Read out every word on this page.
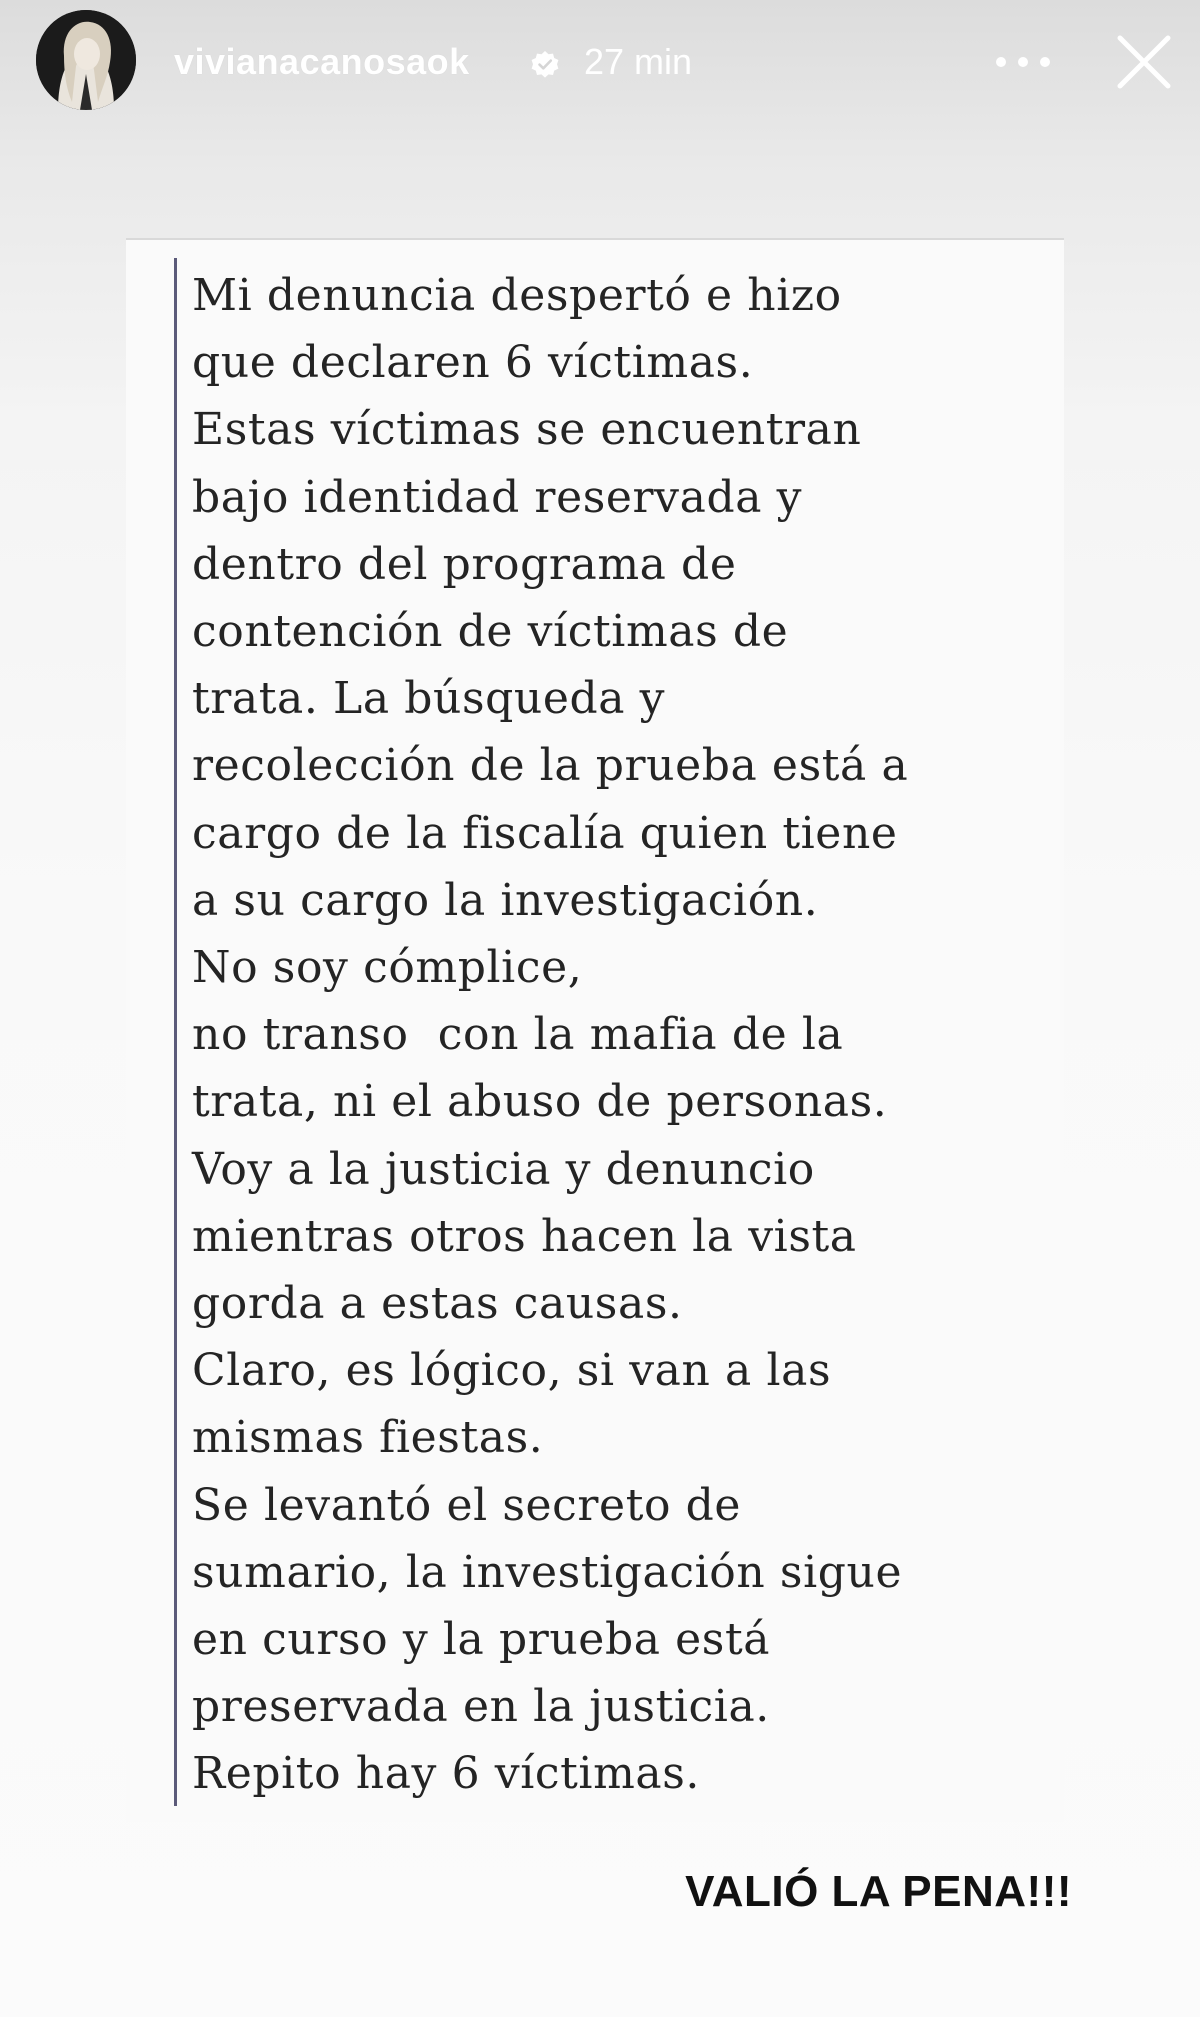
vivianacanosaok	27 min
Mi denuncia despertó e hizo
que declaren 6 víctimas.
Estas víctimas se encuentran
bajo identidad reservada y
dentro del programa de
contención de víctimas de
trata. La búsqueda y
recolección de la prueba está a
cargo de la fiscalía quien tiene
a su cargo la investigación.
No soy cómplice,
no transo  con la mafia de la
trata, ni el abuso de personas.
Voy a la justicia y denuncio
mientras otros hacen la vista
gorda a estas causas.
Claro, es lógico, si van a las
mismas fiestas.
Se levantó el secreto de
sumario, la investigación sigue
en curso y la prueba está
preservada en la justicia.
Repito hay 6 víctimas.
VALIÓ LA PENA!!!
